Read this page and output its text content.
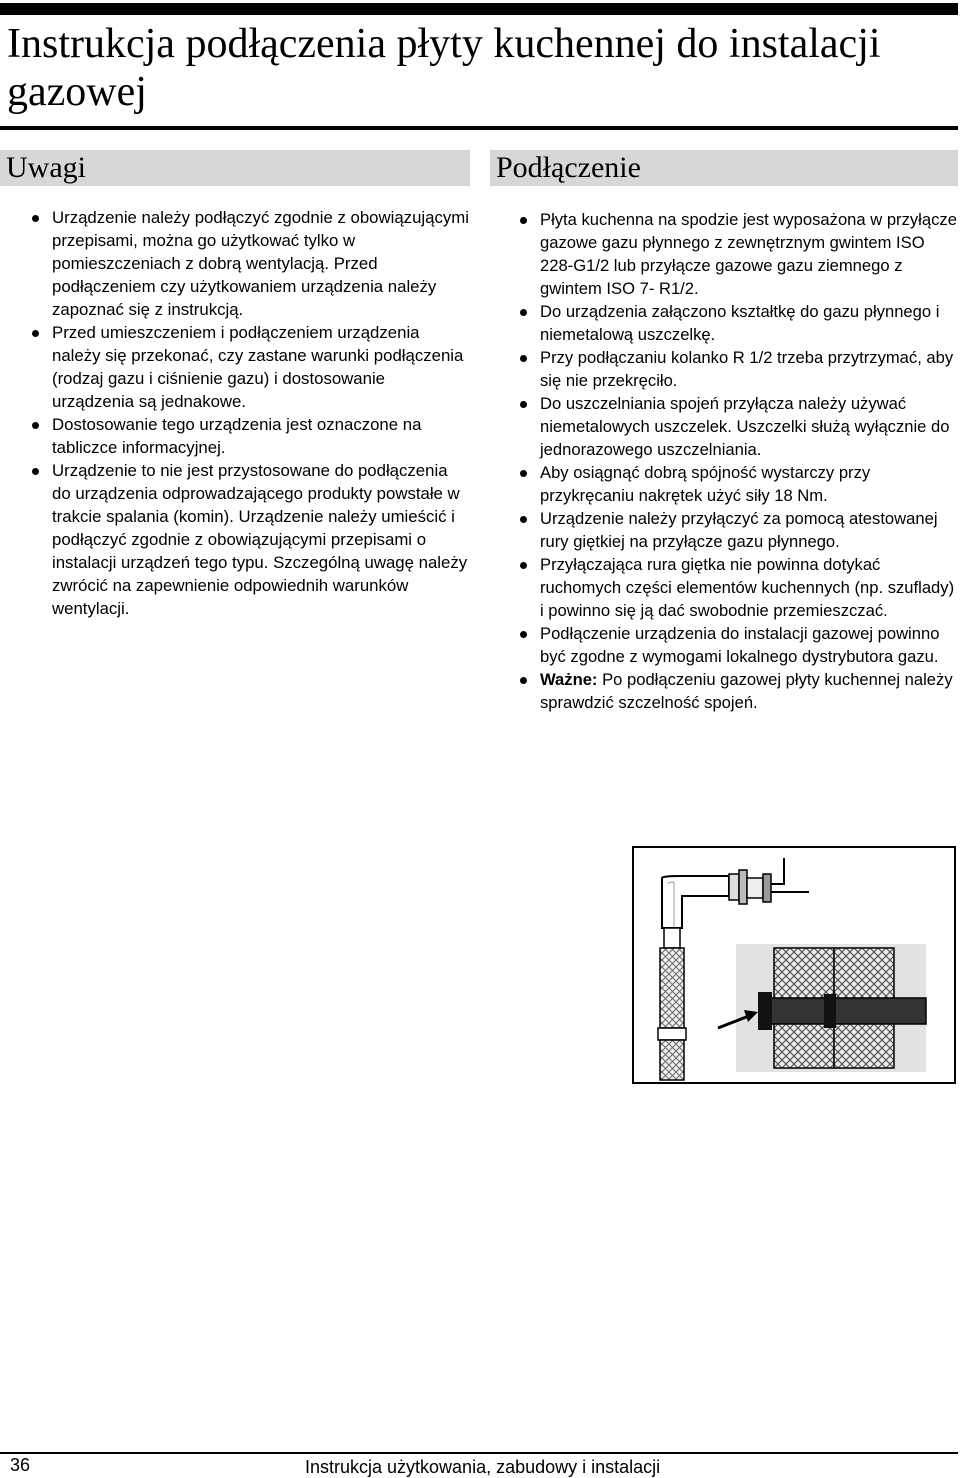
Instrukcja podłączenia płyty kuchennej do instalacji gazowej
Uwagi
Urządzenie należy podłączyć zgodnie z obowiązującymi przepisami, można go użytkować tylko w pomieszczeniach z dobrą wentylacją. Przed podłączeniem czy użytkowaniem urządzenia należy zapoznać się z instrukcją.
Przed umieszczeniem i podłączeniem urządzenia należy się przekonać, czy zastane warunki podłączenia (rodzaj gazu i ciśnienie gazu) i dostosowanie urządzenia są jednakowe.
Dostosowanie tego urządzenia jest oznaczone na tabliczce informacyjnej.
Urządzenie to nie jest przystosowane do podłączenia do urządzenia odprowadzającego produkty powstałe w trakcie spalania (komin). Urządzenie należy umieścić i podłączyć zgodnie z obowiązującymi przepisami o instalacji urządzeń tego typu. Szczególną uwagę należy zwrócić na zapewnienie odpowiednih warunków wentylacji.
Podłączenie
Płyta kuchenna na spodzie jest wyposażona w przyłącze gazowe gazu płynnego z zewnętrznym gwintem ISO 228-G1/2 lub przyłącze gazowe gazu ziemnego z gwintem ISO 7- R1/2.
Do urządzenia załączono kształtkę do gazu płynnego i niemetalową uszczelkę.
Przy podłączaniu kolanko R 1/2 trzeba przytrzymać, aby się nie przekręciło.
Do uszczelniania spojeń przyłącza należy używać niemetalowych uszczelek. Uszczelki służą wyłącznie do jednorazowego uszczelniania.
Aby osiągnąć dobrą spójność wystarczy przy przykręcaniu nakrętek użyć siły 18 Nm.
Urządzenie należy przyłączyć za pomocą atestowanej rury giętkiej na przyłącze gazu płynnego.
Przyłączająca rura giętka nie powinna dotykać ruchomych części elementów kuchennych (np. szuflady) i powinno się ją dać swobodnie przemieszczać.
Podłączenie urządzenia do instalacji gazowej powinno być zgodne z wymogami lokalnego dystrybutora gazu.
Ważne: Po podłączeniu gazowej płyty kuchennej należy sprawdzić szczelność spojeń.
36	Instrukcja użytkowania, zabudowy i instalacji
